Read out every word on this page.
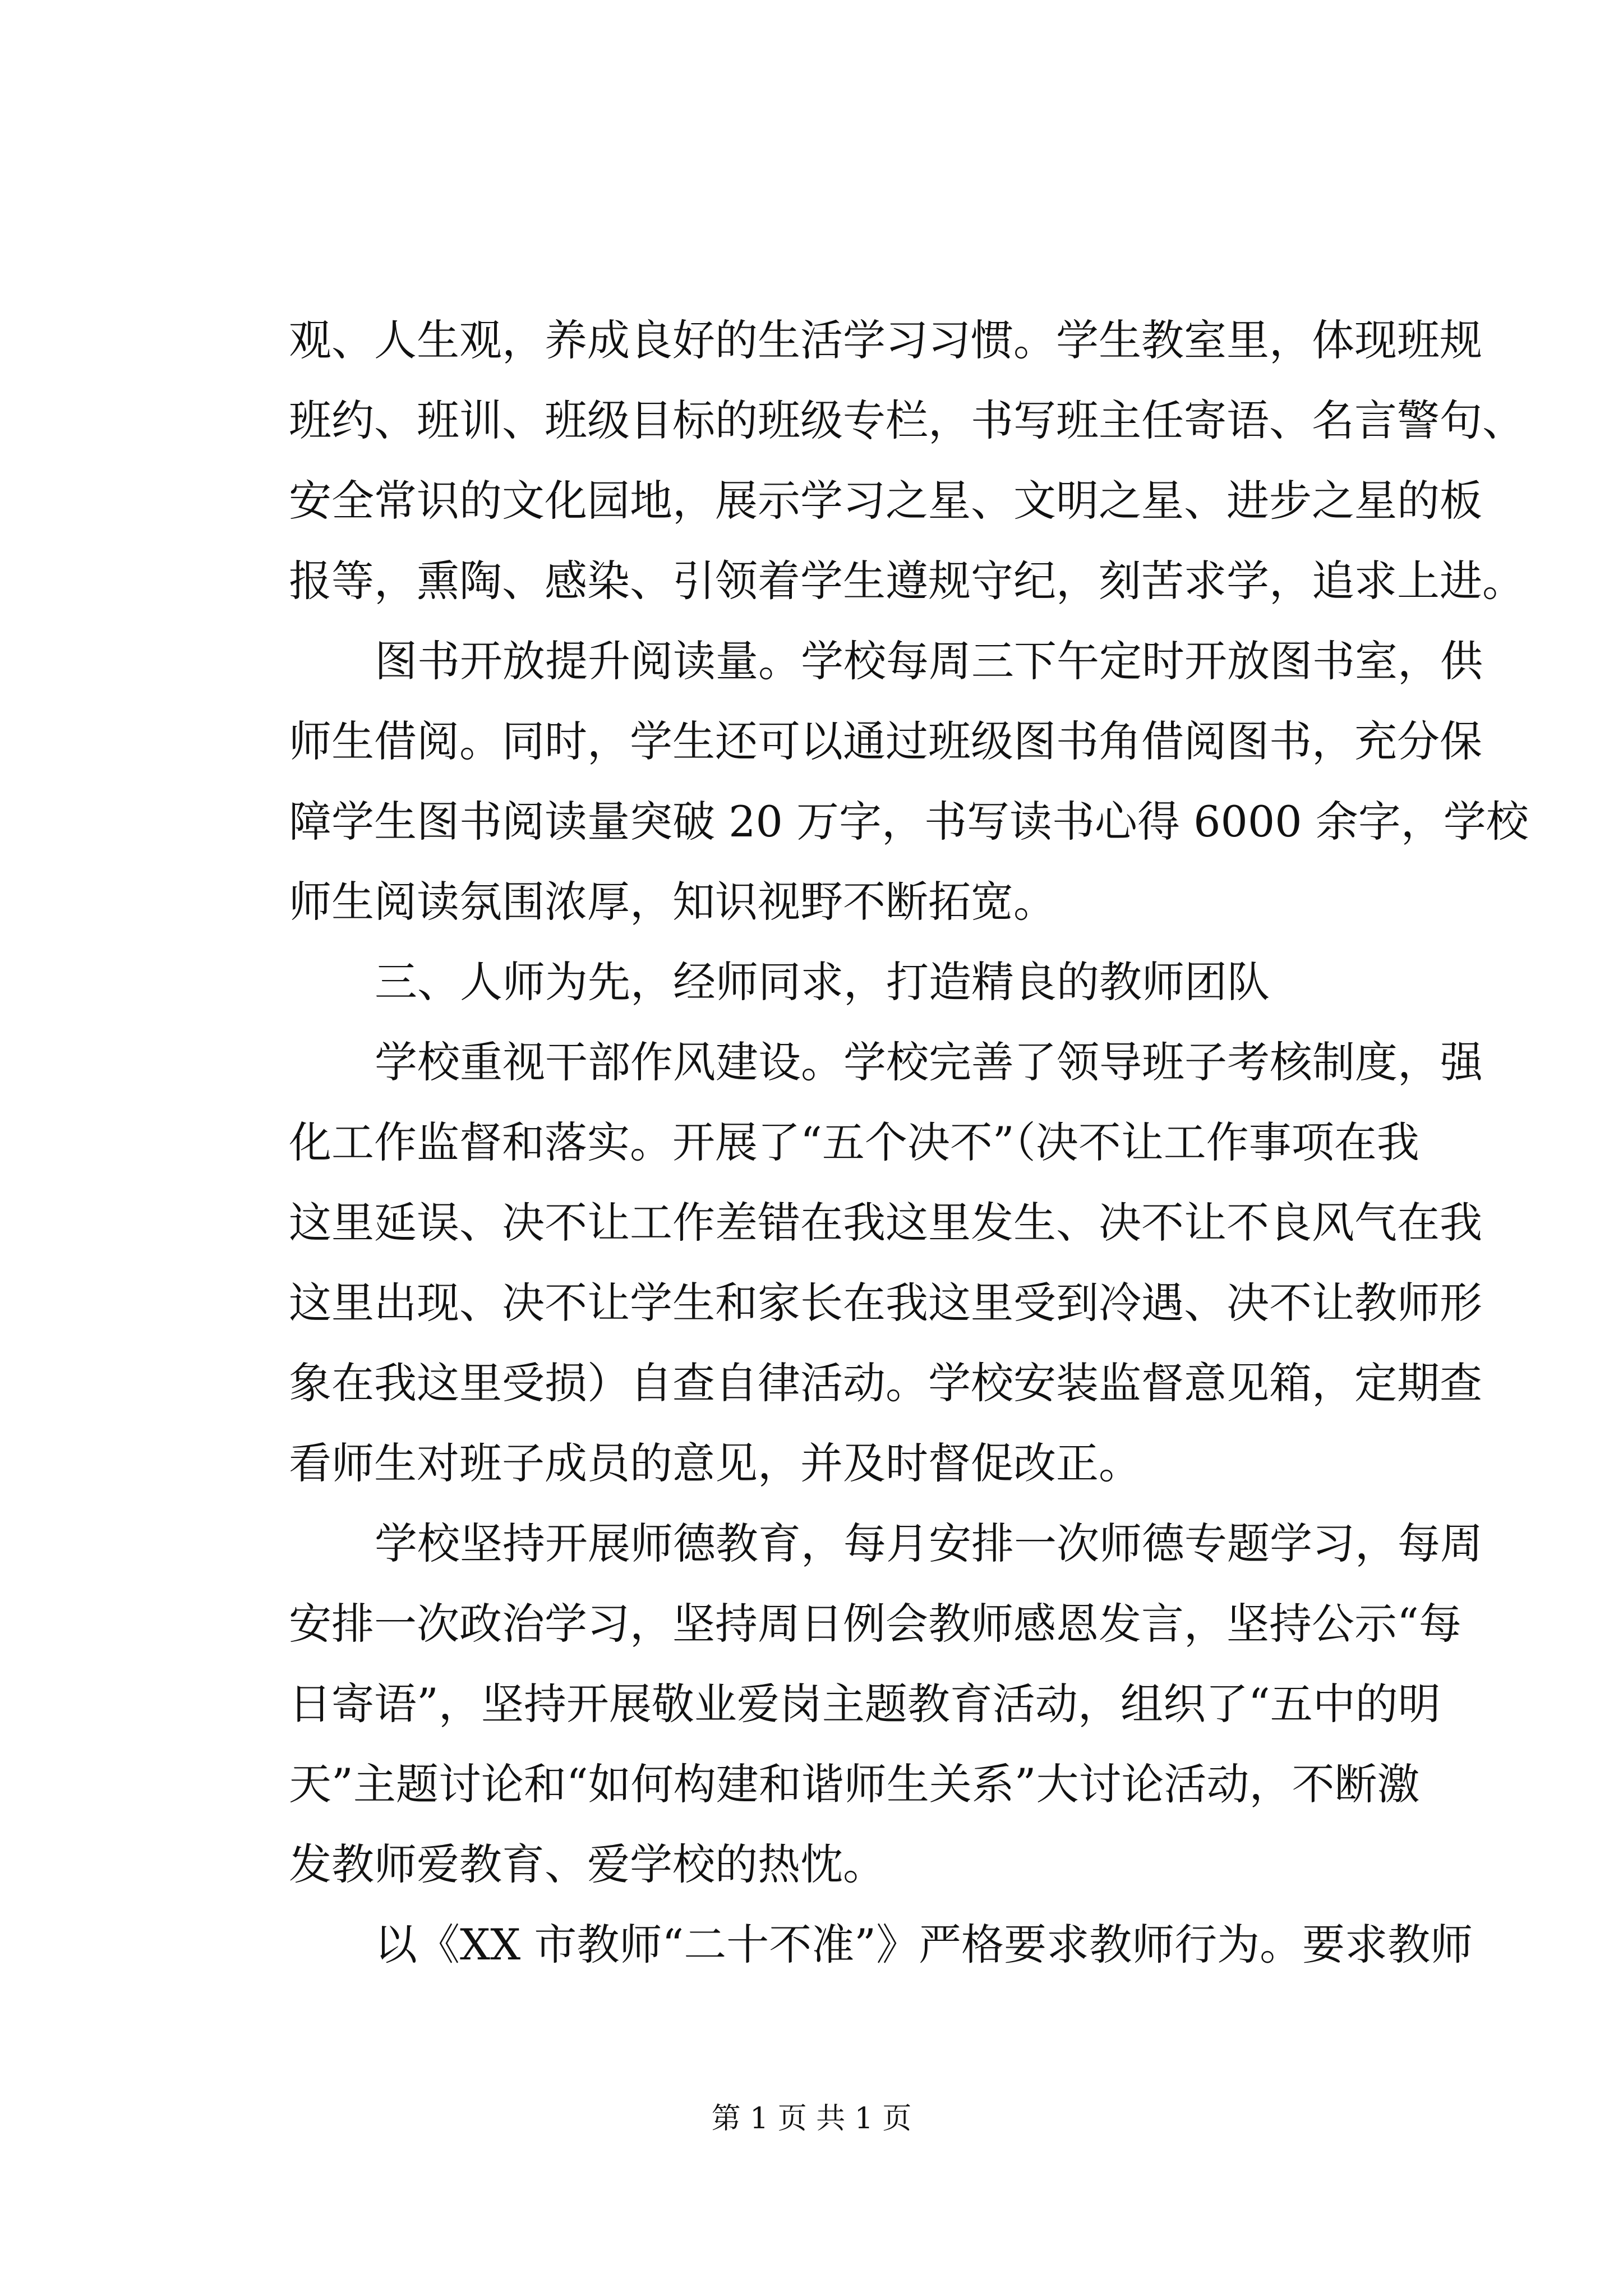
观、人生观，养成良好的生活学习习惯。学生教室里，体现班规
班约、班训、班级目标的班级专栏，书写班主任寄语、名言警句、
安全常识的文化园地，展示学习之星、文明之星、进步之星的板
报等，熏陶、感染、引领着学生遵规守纪，刻苦求学，追求上进。
图书开放提升阅读量。学校每周三下午定时开放图书室，供
师生借阅。同时，学生还可以通过班级图书角借阅图书，充分保
障学生图书阅读量突破 20 万字，书写读书心得 6000 余字，学校
师生阅读氛围浓厚，知识视野不断拓宽。
三、人师为先，经师同求，打造精良的教师团队
学校重视干部作风建设。学校完善了领导班子考核制度，强
化工作监督和落实。开展了“五个决不”（决不让工作事项在我
这里延误、决不让工作差错在我这里发生、决不让不良风气在我
这里出现、决不让学生和家长在我这里受到冷遇、决不让教师形
象在我这里受损）自查自律活动。学校安装监督意见箱，定期查
看师生对班子成员的意见，并及时督促改正。
学校坚持开展师德教育，每月安排一次师德专题学习，每周
安排一次政治学习，坚持周日例会教师感恩发言，坚持公示“每
日寄语”，坚持开展敬业爱岗主题教育活动，组织了“五中的明
天”主题讨论和“如何构建和谐师生关系”大讨论活动，不断激
发教师爱教育、爱学校的热忱。
以《XX 市教师“二十不准”》严格要求教师行为。要求教师
第 1 页 共 1 页
